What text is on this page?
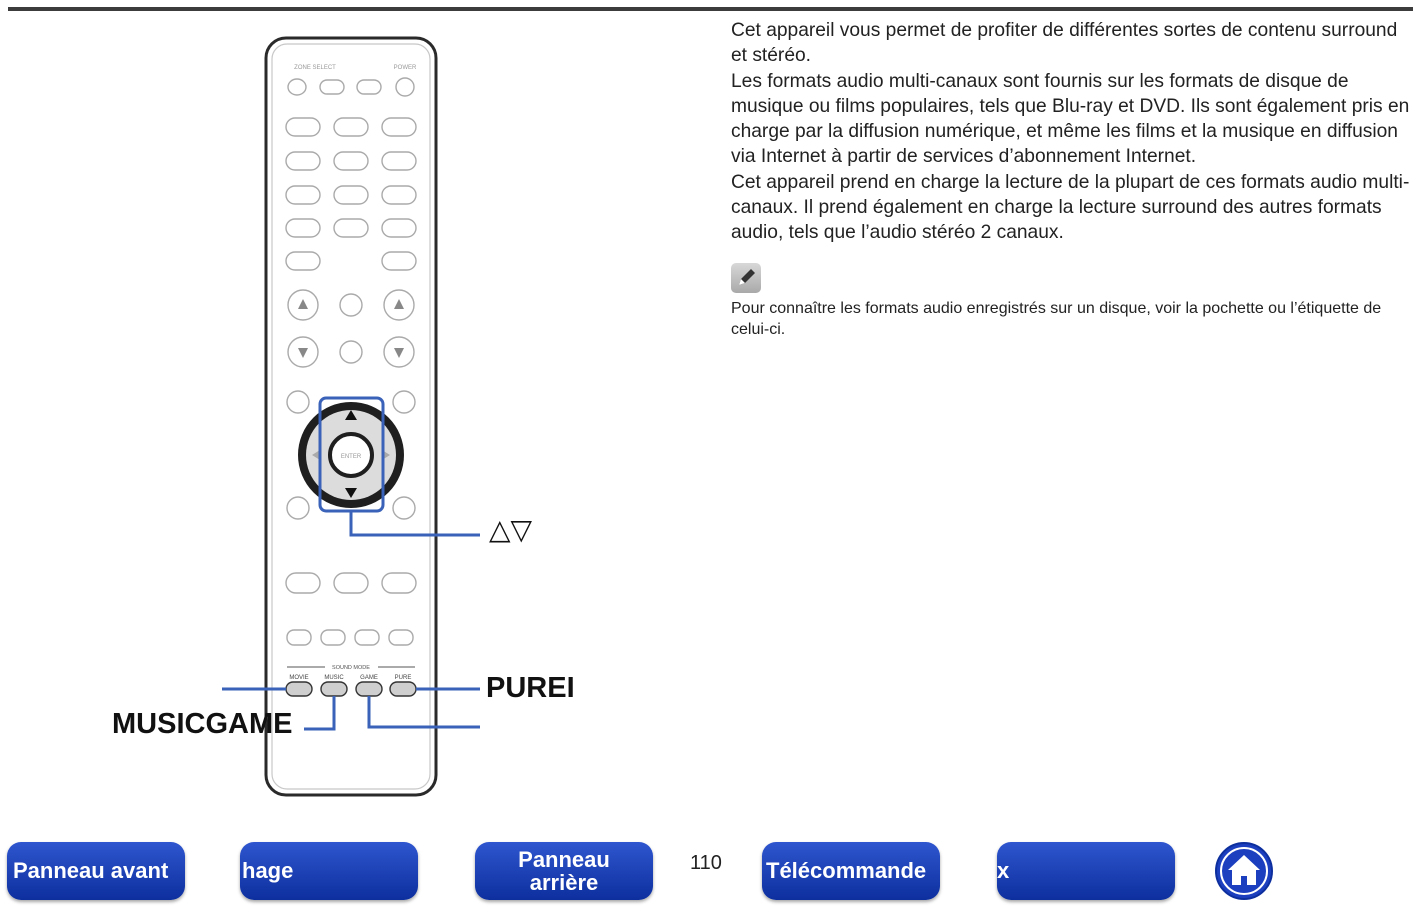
ZONE SELECT	POWER
ENTER
SOUND MODE
MOVIE	MUSIC	GAME	PURE
△▽
MUSICGAME
PUREI

Cet appareil vous permet de profiter de différentes sortes de contenu surround et stéréo.

Les formats audio multi-canaux sont fournis sur les formats de disque de musique ou films populaires, tels que Blu-ray et DVD. Ils sont également pris en charge par la diffusion numérique, et même les films et la musique en diffusion via Internet à partir de services d’abonnement Internet.

Cet appareil prend en charge la lecture de la plupart de ces formats audio multi-canaux. Il prend également en charge la lecture surround des autres formats audio, tels que l’audio stéréo 2 canaux.

Pour connaître les formats audio enregistrés sur un disque, voir la pochette ou l’étiquette de celui-ci.
Panneau avant	hage	Panneau arrière
110 Télécommande	x
